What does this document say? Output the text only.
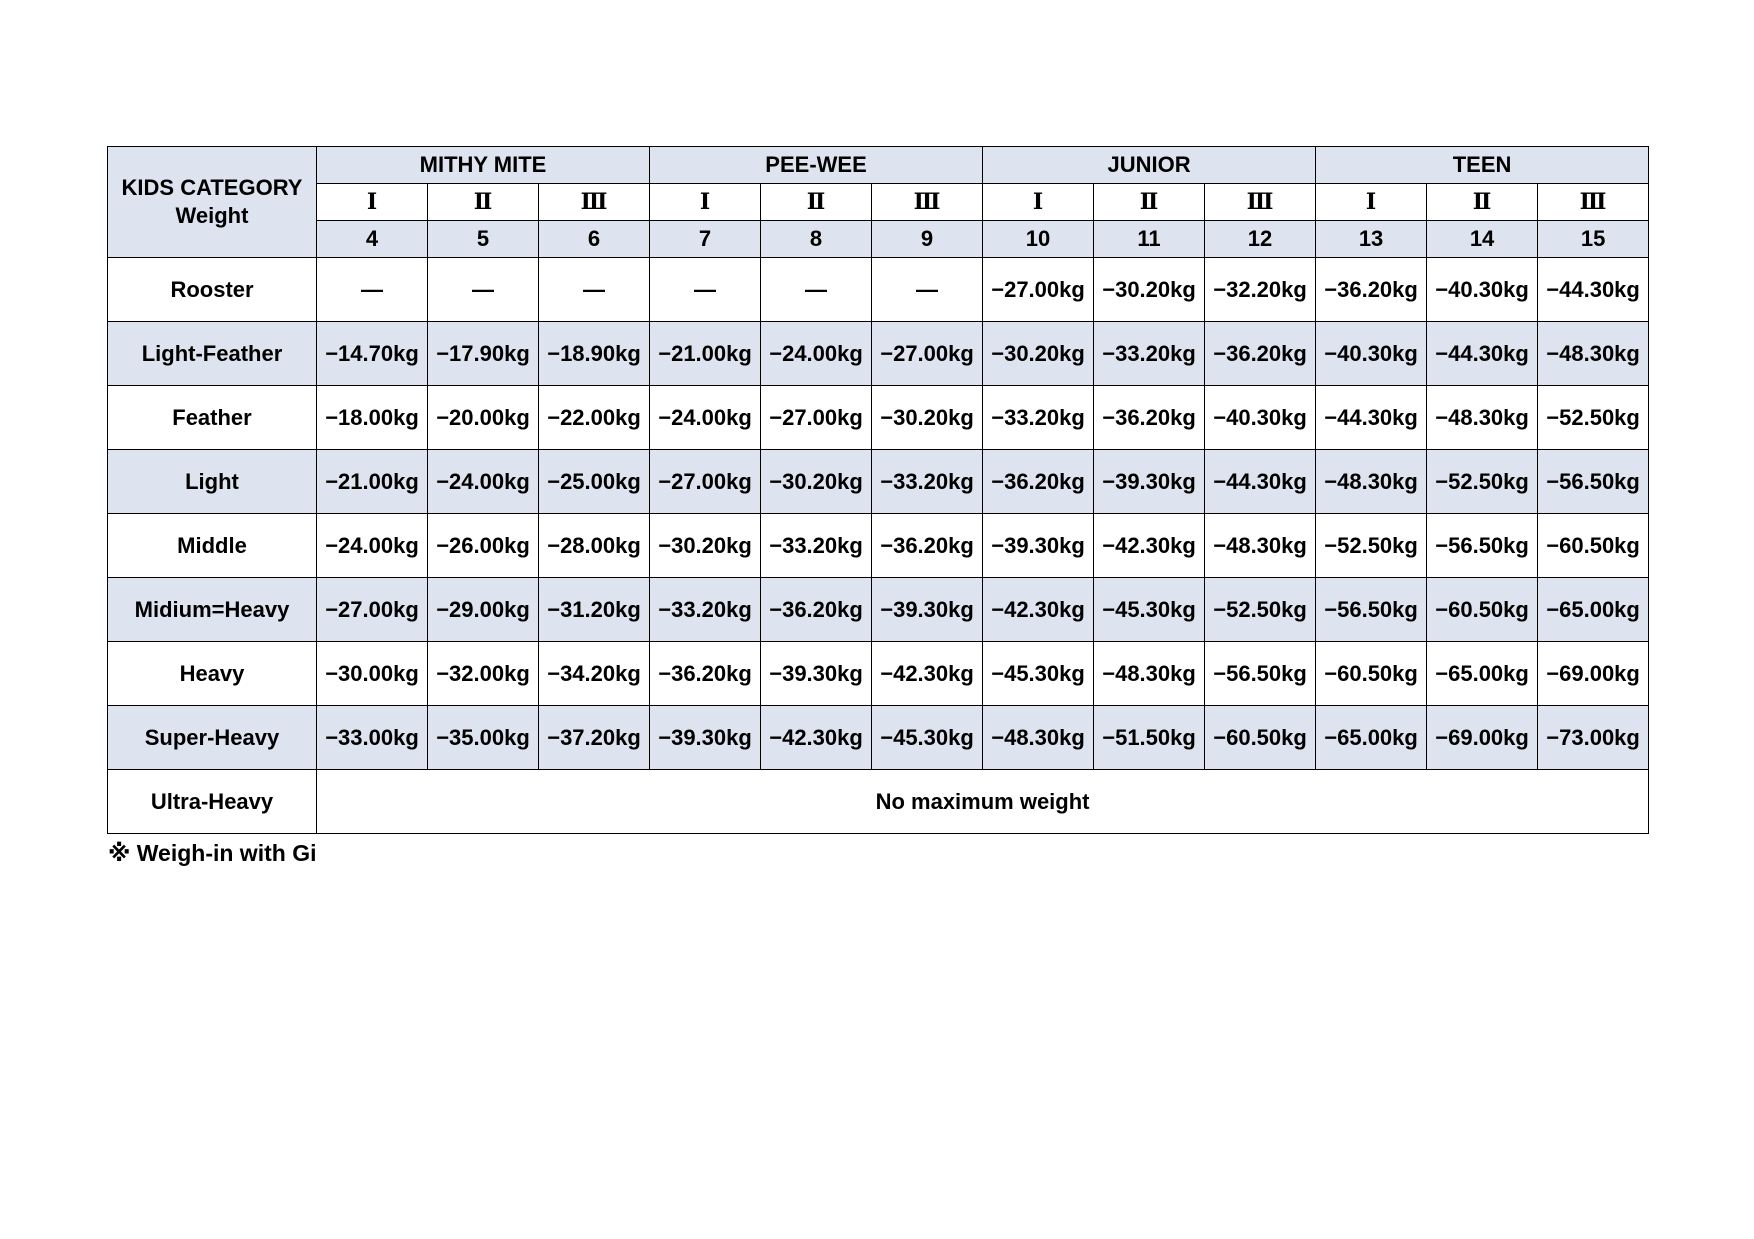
KIDS CATEGORY
Weight	MITHY MITE			PEE-WEE			JUNIOR			TEEN		
	Ⅰ	Ⅱ	Ⅲ	Ⅰ	Ⅱ	Ⅲ	Ⅰ	Ⅱ	Ⅲ	Ⅰ	Ⅱ	Ⅲ
	4	5	6	7	8	9	10	11	12	13	14	15
Rooster	—	—	—	—	—	—	−27.00kg	−30.20kg	−32.20kg	−36.20kg	−40.30kg	−44.30kg
Light-Feather	−14.70kg	−17.90kg	−18.90kg	−21.00kg	−24.00kg	−27.00kg	−30.20kg	−33.20kg	−36.20kg	−40.30kg	−44.30kg	−48.30kg
Feather	−18.00kg	−20.00kg	−22.00kg	−24.00kg	−27.00kg	−30.20kg	−33.20kg	−36.20kg	−40.30kg	−44.30kg	−48.30kg	−52.50kg
Light	−21.00kg	−24.00kg	−25.00kg	−27.00kg	−30.20kg	−33.20kg	−36.20kg	−39.30kg	−44.30kg	−48.30kg	−52.50kg	−56.50kg
Middle	−24.00kg	−26.00kg	−28.00kg	−30.20kg	−33.20kg	−36.20kg	−39.30kg	−42.30kg	−48.30kg	−52.50kg	−56.50kg	−60.50kg
Midium=Heavy	−27.00kg	−29.00kg	−31.20kg	−33.20kg	−36.20kg	−39.30kg	−42.30kg	−45.30kg	−52.50kg	−56.50kg	−60.50kg	−65.00kg
Heavy	−30.00kg	−32.00kg	−34.20kg	−36.20kg	−39.30kg	−42.30kg	−45.30kg	−48.30kg	−56.50kg	−60.50kg	−65.00kg	−69.00kg
Super-Heavy	−33.00kg	−35.00kg	−37.20kg	−39.30kg	−42.30kg	−45.30kg	−48.30kg	−51.50kg	−60.50kg	−65.00kg	−69.00kg	−73.00kg
Ultra-Heavy	No maximum weight											
※ Weigh-in with Gi
